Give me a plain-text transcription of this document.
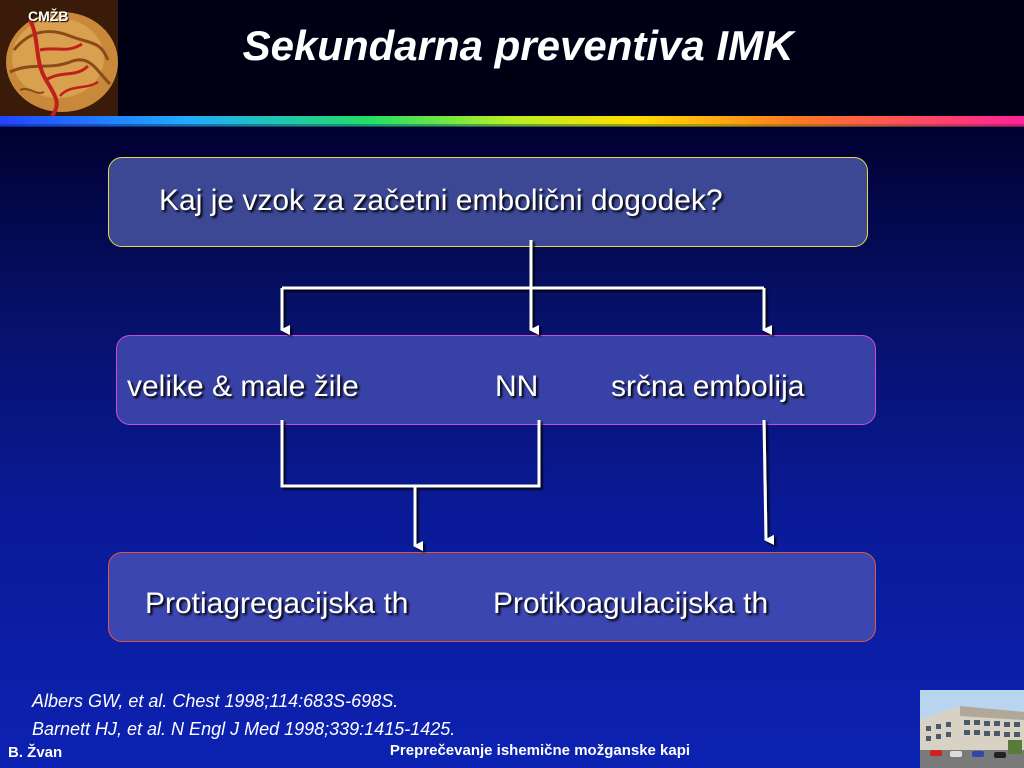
CMŽB
Sekundarna preventiva IMK
Kaj je vzok za začetni embolični dogodek?
velike & male žile	NN srčna embolija
Protiagregacijska th	Protikoagulacijska th
Albers GW, et al. Chest 1998;114:683S-698S.
Barnett HJ, et al. N Engl J Med 1998;339:1415-1425.
B. Žvan	Preprečevanje ishemične možganske kapi
